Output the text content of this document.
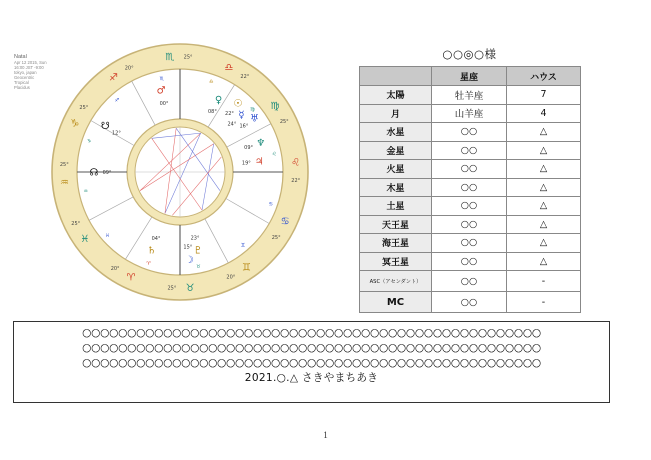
Natal
Apr 12 2015, Sun
16:00 JST -9:00
tokyo, japan
Geocentric
Tropical
Placidus
♏ 25°
♏
♐
20°
♐
♑
25°
♑
♒
25°
♒
♓
25°
♓
♈
20°
♈
♉
25°
♉	♊
20°
♊
♋
25°
♋
♌
22°
♌
♍
25°
♍
♎
22°
♎
♂
00°	♀
08°
☉
22° ☿
24°
♅
16°
♆
09°
♃
19°
☊ 09°
♄
04°
☽
15° ♇
23°
☋
12°
○○◎○様
	星座	ハウス
太陽	牡羊座	7
月	山羊座	4
水星	○○	△
金星	○○	△
火星	○○	△
木星	○○	△
土星	○○	△
天王星	○○	△
海王星	○○	△
冥王星	○○	△
ASC（アセンダント）	○○	-
MC	○○	-
○○○○○○○○○○○○○○○○○○○○○○○○○○○○○○○○○○○○○○○○○○○○○○○○○○○
○○○○○○○○○○○○○○○○○○○○○○○○○○○○○○○○○○○○○○○○○○○○○○○○○○○
○○○○○○○○○○○○○○○○○○○○○○○○○○○○○○○○○○○○○○○○○○○○○○○○○○○
2021.○.△ さきやまちあき
1
